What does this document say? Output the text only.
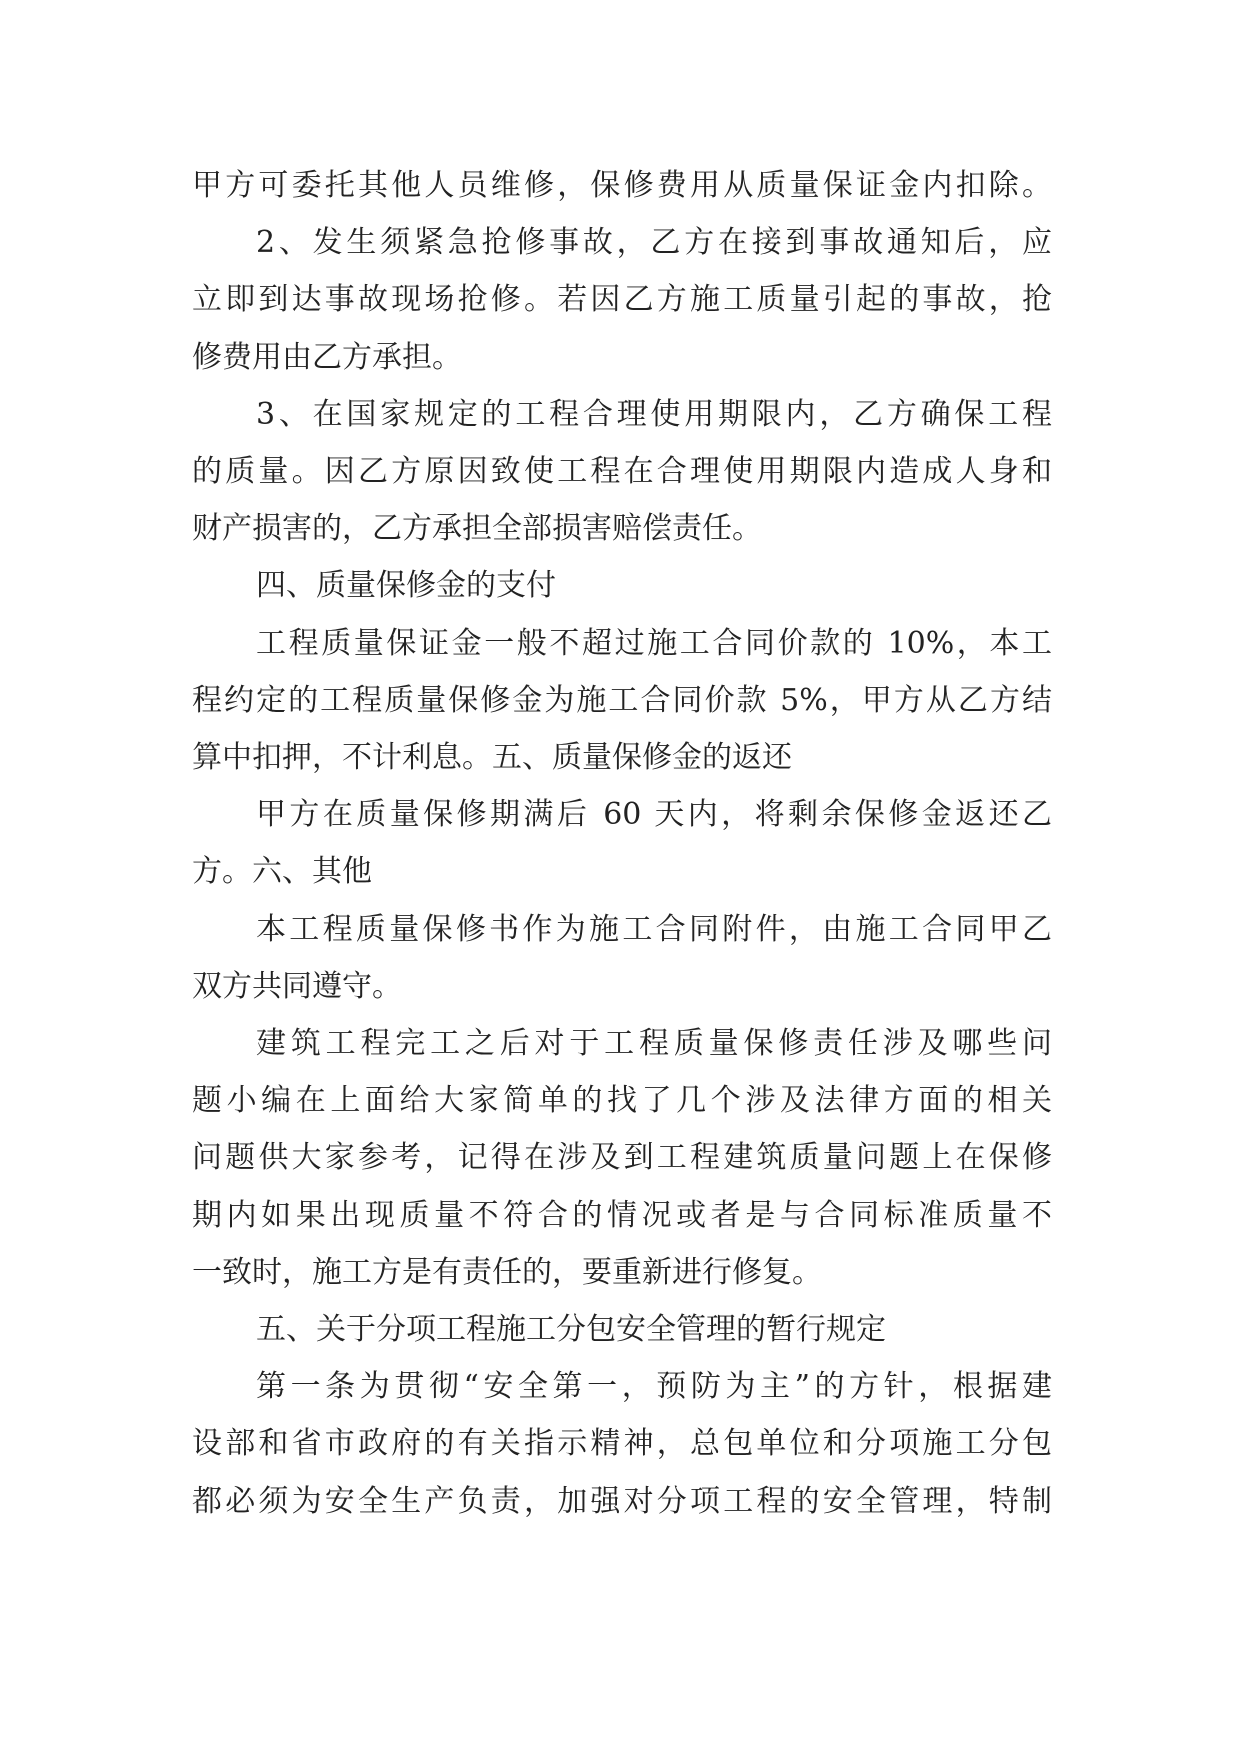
甲方可委托其他人员维修，保修费用从质量保证金内扣除。

2、发生须紧急抢修事故，乙方在接到事故通知后，应
立即到达事故现场抢修。若因乙方施工质量引起的事故，抢
修费用由乙方承担。

3、在国家规定的工程合理使用期限内，乙方确保工程
的质量。因乙方原因致使工程在合理使用期限内造成人身和
财产损害的，乙方承担全部损害赔偿责任。

四、质量保修金的支付

工程质量保证金一般不超过施工合同价款的 10%，本工
程约定的工程质量保修金为施工合同价款 5%，甲方从乙方结
算中扣押，不计利息。五、质量保修金的返还

甲方在质量保修期满后 60 天内，将剩余保修金返还乙
方。六、其他

本工程质量保修书作为施工合同附件，由施工合同甲乙
双方共同遵守。

建筑工程完工之后对于工程质量保修责任涉及哪些问
题小编在上面给大家简单的找了几个涉及法律方面的相关
问题供大家参考，记得在涉及到工程建筑质量问题上在保修
期内如果出现质量不符合的情况或者是与合同标准质量不
一致时，施工方是有责任的，要重新进行修复。

五、关于分项工程施工分包安全管理的暂行规定

第一条为贯彻“安全第一，预防为主”的方针，根据建
设部和省市政府的有关指示精神，总包单位和分项施工分包
都必须为安全生产负责，加强对分项工程的安全管理，特制
